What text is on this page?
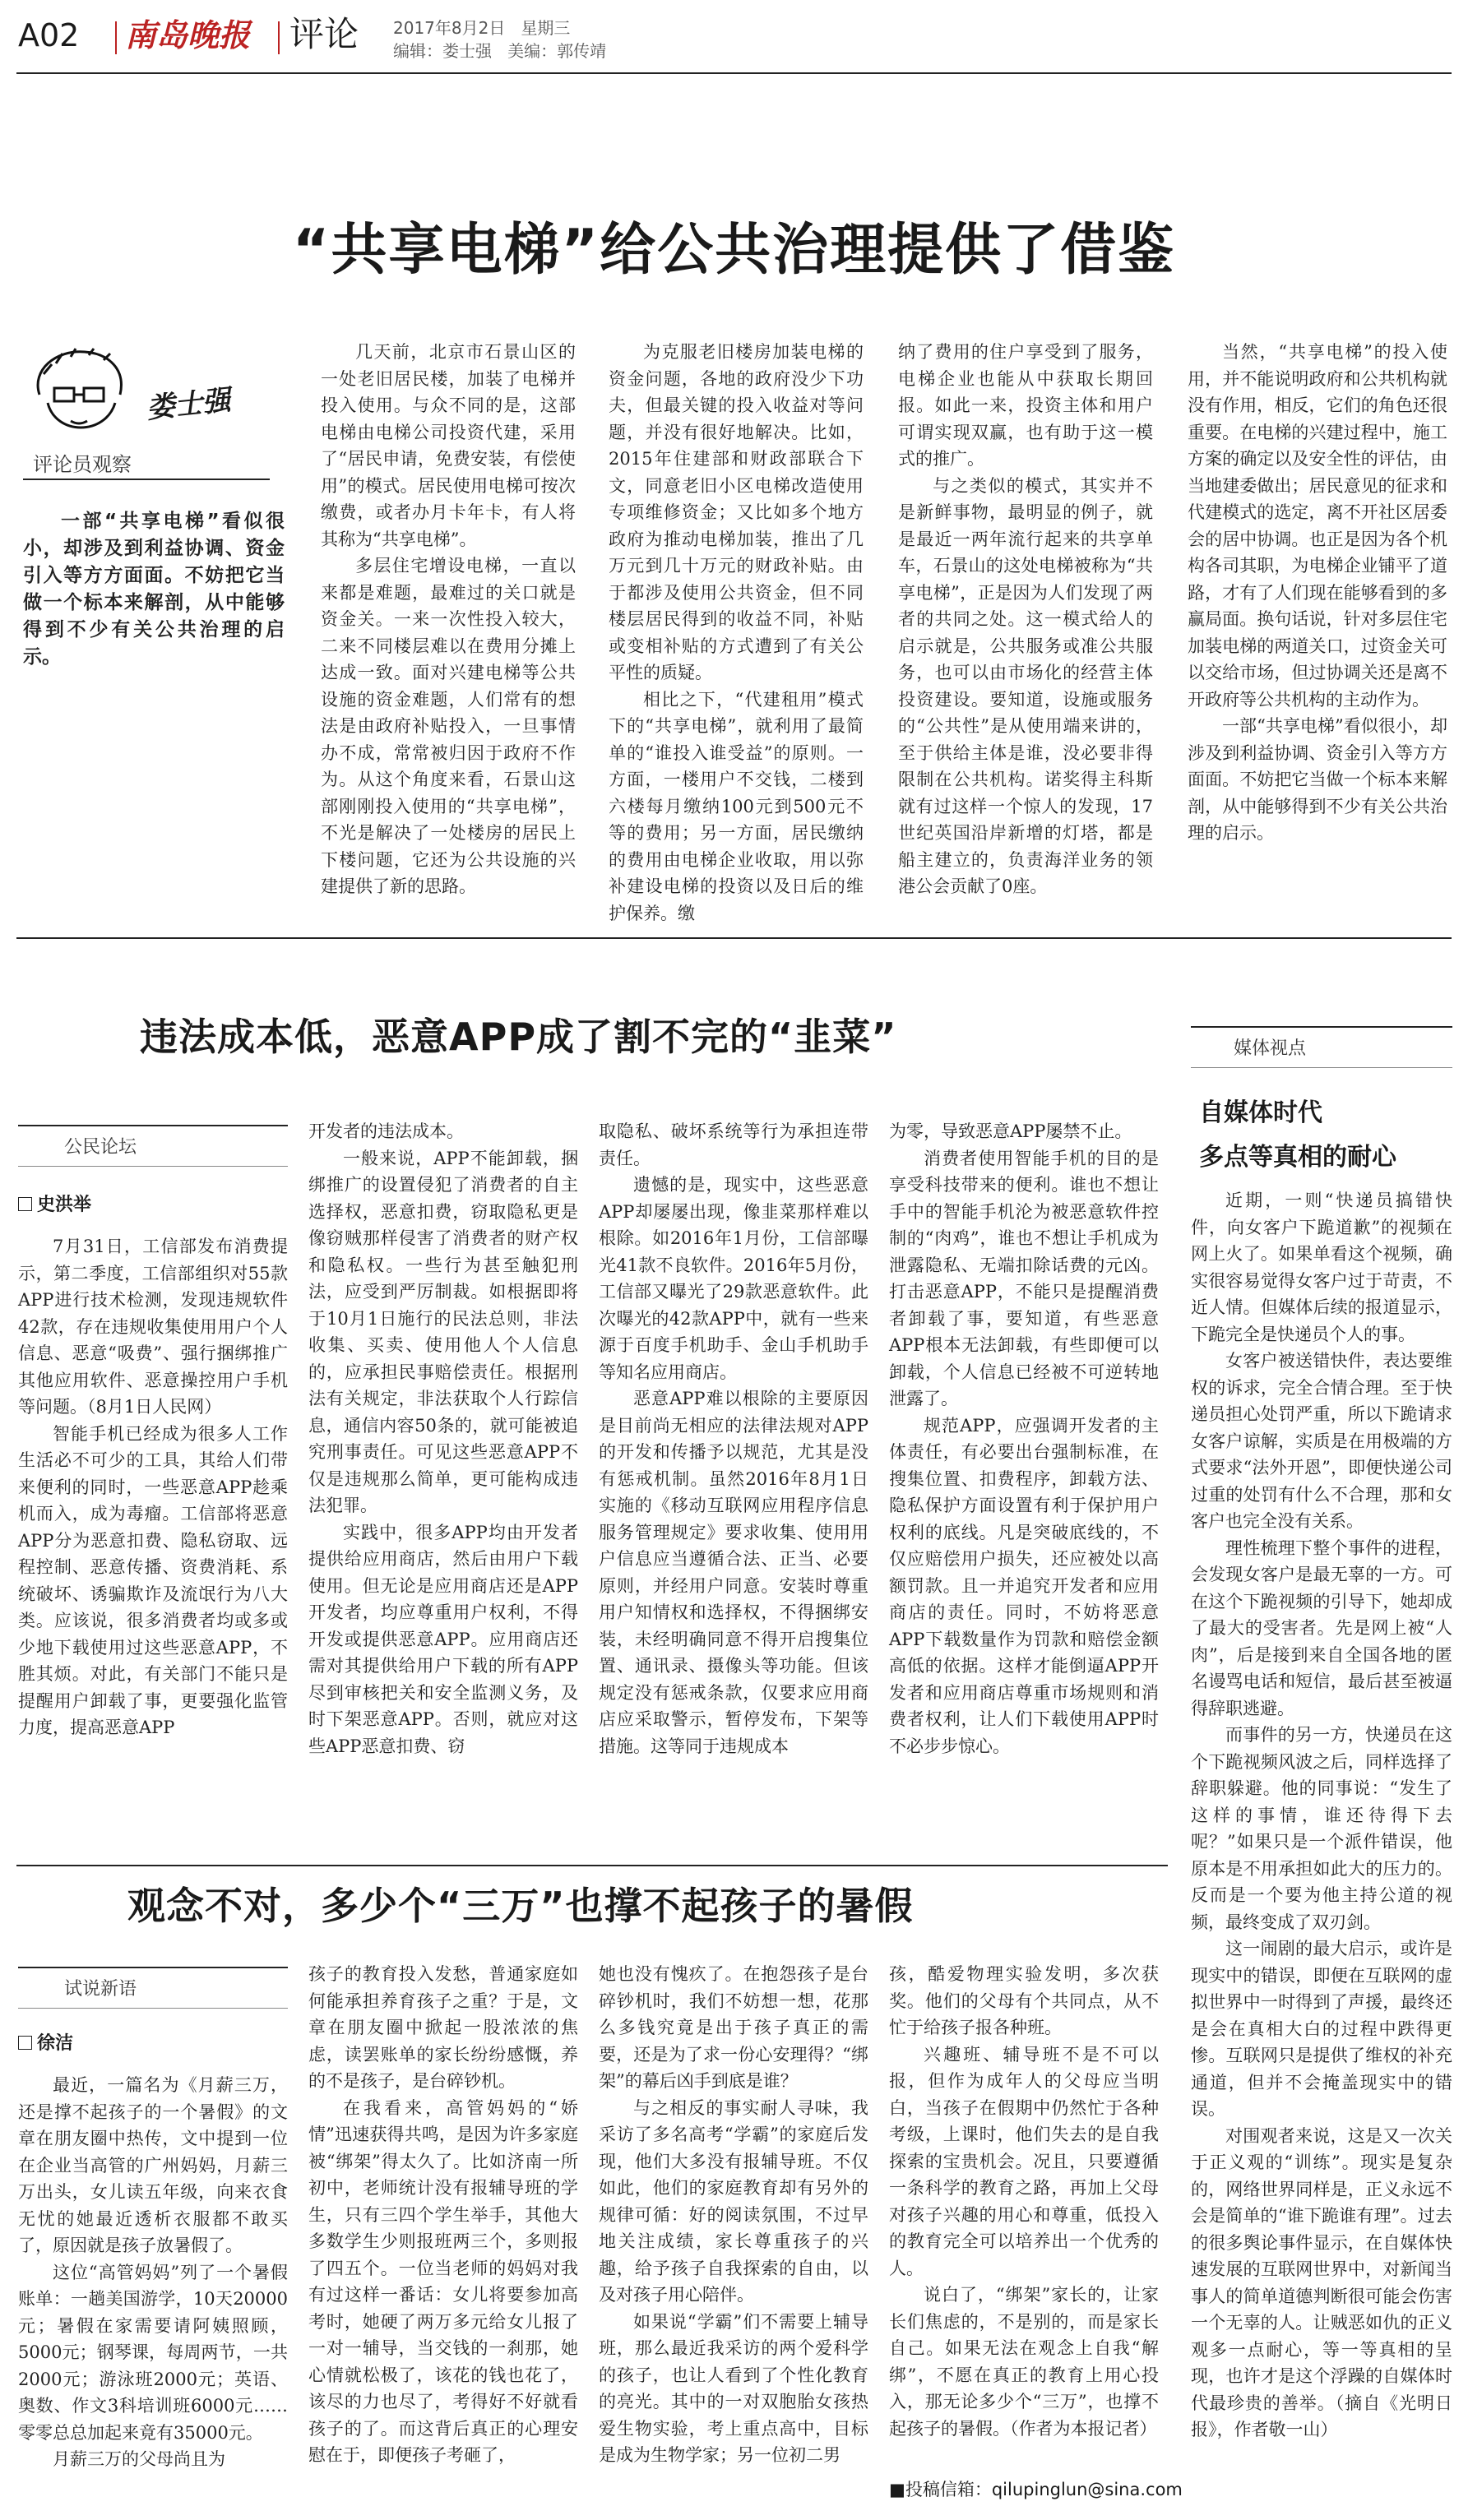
A02 南岛晚报 评论 2017年8月2日 星期三
编辑：娄士强 美编：郭传靖
“共享电梯”给公共治理提供了借鉴
娄士强
评论员观察

一部“共享电梯”看似很小，却涉及到利益协调、资金引入等方方面面。不妨把它当做一个标本来解剖，从中能够得到不少有关公共治理的启示。

几天前，北京市石景山区的一处老旧居民楼，加装了电梯并投入使用。与众不同的是，这部电梯由电梯公司投资代建，采用了“居民申请，免费安装，有偿使用”的模式。居民使用电梯可按次缴费，或者办月卡年卡，有人将其称为“共享电梯”。

多层住宅增设电梯，一直以来都是难题，最难过的关口就是资金关。一来一次性投入较大，二来不同楼层难以在费用分摊上达成一致。面对兴建电梯等公共设施的资金难题，人们常有的想法是由政府补贴投入，一旦事情办不成，常常被归因于政府不作为。从这个角度来看，石景山这部刚刚投入使用的“共享电梯”，不光是解决了一处楼房的居民上下楼问题，它还为公共设施的兴建提供了新的思路。

为克服老旧楼房加装电梯的资金问题，各地的政府没少下功夫，但最关键的投入收益对等问题，并没有很好地解决。比如，2015年住建部和财政部联合下文，同意老旧小区电梯改造使用专项维修资金；又比如多个地方政府为推动电梯加装，推出了几万元到几十万元的财政补贴。由于都涉及使用公共资金，但不同楼层居民得到的收益不同，补贴或变相补贴的方式遭到了有关公平性的质疑。

相比之下，“代建租用”模式下的“共享电梯”，就利用了最简单的“谁投入谁受益”的原则。一方面，一楼用户不交钱，二楼到六楼每月缴纳100元到500元不等的费用；另一方面，居民缴纳的费用由电梯企业收取，用以弥补建设电梯的投资以及日后的维护保养。缴

纳了费用的住户享受到了服务，电梯企业也能从中获取长期回报。如此一来，投资主体和用户可谓实现双赢，也有助于这一模式的推广。

与之类似的模式，其实并不是新鲜事物，最明显的例子，就是最近一两年流行起来的共享单车，石景山的这处电梯被称为“共享电梯”，正是因为人们发现了两者的共同之处。这一模式给人的启示就是，公共服务或准公共服务，也可以由市场化的经营主体投资建设。要知道，设施或服务的“公共性”是从使用端来讲的，至于供给主体是谁，没必要非得限制在公共机构。诺奖得主科斯就有过这样一个惊人的发现，17世纪英国沿岸新增的灯塔，都是船主建立的，负责海洋业务的领港公会贡献了0座。

当然，“共享电梯”的投入使用，并不能说明政府和公共机构就没有作用，相反，它们的角色还很重要。在电梯的兴建过程中，施工方案的确定以及安全性的评估，由当地建委做出；居民意见的征求和代建模式的选定，离不开社区居委会的居中协调。也正是因为各个机构各司其职，为电梯企业铺平了道路，才有了人们现在能够看到的多赢局面。换句话说，针对多层住宅加装电梯的两道关口，过资金关可以交给市场，但过协调关还是离不开政府等公共机构的主动作为。

一部“共享电梯”看似很小，却涉及到利益协调、资金引入等方方面面。不妨把它当做一个标本来解剖，从中能够得到不少有关公共治理的启示。

违法成本低，恶意APP成了割不完的“韭菜”
公民论坛
史洪举

7月31日，工信部发布消费提示，第二季度，工信部组织对55款APP进行技术检测，发现违规软件42款，存在违规收集使用用户个人信息、恶意“吸费”、强行捆绑推广其他应用软件、恶意操控用户手机等问题。（8月1日人民网）

智能手机已经成为很多人工作生活必不可少的工具，其给人们带来便利的同时，一些恶意APP趁乘机而入，成为毒瘤。工信部将恶意APP分为恶意扣费、隐私窃取、远程控制、恶意传播、资费消耗、系统破坏、诱骗欺诈及流氓行为八大类。应该说，很多消费者均或多或少地下载使用过这些恶意APP，不胜其烦。对此，有关部门不能只是提醒用户卸载了事，更要强化监管力度，提高恶意APP

开发者的违法成本。

一般来说，APP不能卸载，捆绑推广的设置侵犯了消费者的自主选择权，恶意扣费，窃取隐私更是像窃贼那样侵害了消费者的财产权和隐私权。一些行为甚至触犯刑法，应受到严厉制裁。如根据即将于10月1日施行的民法总则，非法收集、买卖、使用他人个人信息的，应承担民事赔偿责任。根据刑法有关规定，非法获取个人行踪信息，通信内容50条的，就可能被追究刑事责任。可见这些恶意APP不仅是违规那么简单，更可能构成违法犯罪。

实践中，很多APP均由开发者提供给应用商店，然后由用户下载使用。但无论是应用商店还是APP开发者，均应尊重用户权利，不得开发或提供恶意APP。应用商店还需对其提供给用户下载的所有APP尽到审核把关和安全监测义务，及时下架恶意APP。否则，就应对这些APP恶意扣费、窃

取隐私、破坏系统等行为承担连带责任。

遗憾的是，现实中，这些恶意APP却屡屡出现，像韭菜那样难以根除。如2016年1月份，工信部曝光41款不良软件。2016年5月份，工信部又曝光了29款恶意软件。此次曝光的42款APP中，就有一些来源于百度手机助手、金山手机助手等知名应用商店。

恶意APP难以根除的主要原因是目前尚无相应的法律法规对APP的开发和传播予以规范，尤其是没有惩戒机制。虽然2016年8月1日实施的《移动互联网应用程序信息服务管理规定》要求收集、使用用户信息应当遵循合法、正当、必要原则，并经用户同意。安装时尊重用户知情权和选择权，不得捆绑安装，未经明确同意不得开启搜集位置、通讯录、摄像头等功能。但该规定没有惩戒条款，仅要求应用商店应采取警示，暂停发布，下架等措施。这等同于违规成本

为零，导致恶意APP屡禁不止。

消费者使用智能手机的目的是享受科技带来的便利。谁也不想让手中的智能手机沦为被恶意软件控制的“肉鸡”，谁也不想让手机成为泄露隐私、无端扣除话费的元凶。打击恶意APP，不能只是提醒消费者卸载了事，要知道，有些恶意APP根本无法卸载，有些即便可以卸载，个人信息已经被不可逆转地泄露了。

规范APP，应强调开发者的主体责任，有必要出台强制标准，在搜集位置、扣费程序，卸载方法、隐私保护方面设置有利于保护用户权利的底线。凡是突破底线的，不仅应赔偿用户损失，还应被处以高额罚款。且一并追究开发者和应用商店的责任。同时，不妨将恶意APP下载数量作为罚款和赔偿金额高低的依据。这样才能倒逼APP开发者和应用商店尊重市场规则和消费者权利，让人们下载使用APP时不必步步惊心。

媒体视点
自媒体时代
多点等真相的耐心

近期，一则“快递员搞错快件，向女客户下跪道歉”的视频在网上火了。如果单看这个视频，确实很容易觉得女客户过于苛责，不近人情。但媒体后续的报道显示，下跪完全是快递员个人的事。

女客户被送错快件，表达要维权的诉求，完全合情合理。至于快递员担心处罚严重，所以下跪请求女客户谅解，实质是在用极端的方式要求“法外开恩”，即便快递公司过重的处罚有什么不合理，那和女客户也完全没有关系。

理性梳理下整个事件的进程，会发现女客户是最无辜的一方。可在这个下跪视频的引导下，她却成了最大的受害者。先是网上被“人肉”，后是接到来自全国各地的匿名谩骂电话和短信，最后甚至被逼得辞职逃避。

而事件的另一方，快递员在这个下跪视频风波之后，同样选择了辞职躲避。他的同事说：“发生了这样的事情，谁还待得下去呢？”如果只是一个派件错误，他原本是不用承担如此大的压力的。反而是一个要为他主持公道的视频，最终变成了双刃剑。

这一闹剧的最大启示，或许是现实中的错误，即便在互联网的虚拟世界中一时得到了声援，最终还是会在真相大白的过程中跌得更惨。互联网只是提供了维权的补充通道，但并不会掩盖现实中的错误。

对围观者来说，这是又一次关于正义观的“训练”。现实是复杂的，网络世界同样是，正义永远不会是简单的“谁下跪谁有理”。过去的很多舆论事件显示，在自媒体快速发展的互联网世界中，对新闻当事人的简单道德判断很可能会伤害一个无辜的人。让贼恶如仇的正义观多一点耐心，等一等真相的呈现，也许才是这个浮躁的自媒体时代最珍贵的善举。（摘自《光明日报》，作者敬一山）

观念不对，多少个“三万”也撑不起孩子的暑假
试说新语
徐洁

最近，一篇名为《月薪三万，还是撑不起孩子的一个暑假》的文章在朋友圈中热传，文中提到一位在企业当高管的广州妈妈，月薪三万出头，女儿读五年级，向来衣食无忧的她最近透析衣服都不敢买了，原因就是孩子放暑假了。

这位“高管妈妈”列了一个暑假账单：一趟美国游学，10天20000元；暑假在家需要请阿姨照顾，5000元；钢琴课，每周两节，一共2000元；游泳班2000元；英语、奥数、作文3科培训班6000元……零零总总加起来竟有35000元。

月薪三万的父母尚且为

孩子的教育投入发愁，普通家庭如何能承担养育孩子之重？于是，文章在朋友圈中掀起一股浓浓的焦虑，读罢账单的家长纷纷感慨，养的不是孩子，是台碎钞机。

在我看来，高管妈妈的“娇情”迅速获得共鸣，是因为许多家庭被“绑架”得太久了。比如济南一所初中，老师统计没有报辅导班的学生，只有三四个学生举手，其他大多数学生少则报班两三个，多则报了四五个。一位当老师的妈妈对我有过这样一番话：女儿将要参加高考时，她硬了两万多元给女儿报了一对一辅导，当交钱的一刹那，她心情就松极了，该花的钱也花了，该尽的力也尽了，考得好不好就看孩子的了。而这背后真正的心理安慰在于，即便孩子考砸了，

她也没有愧疚了。在抱怨孩子是台碎钞机时，我们不妨想一想，花那么多钱究竟是出于孩子真正的需要，还是为了求一份心安理得？“绑架”的幕后凶手到底是谁？

与之相反的事实耐人寻味，我采访了多名高考“学霸”的家庭后发现，他们大多没有报辅导班。不仅如此，他们的家庭教育却有另外的规律可循：好的阅读氛围，不过早地关注成绩，家长尊重孩子的兴趣，给予孩子自我探索的自由，以及对孩子用心陪伴。

如果说“学霸”们不需要上辅导班，那么最近我采访的两个爱科学的孩子，也让人看到了个性化教育的亮光。其中的一对双胞胎女孩热爱生物实验，考上重点高中，目标是成为生物学家；另一位初二男

孩，酷爱物理实验发明，多次获奖。他们的父母有个共同点，从不忙于给孩子报各种班。

兴趣班、辅导班不是不可以报，但作为成年人的父母应当明白，当孩子在假期中仍然忙于各种考级，上课时，他们失去的是自我探索的宝贵机会。况且，只要遵循一条科学的教育之路，再加上父母对孩子兴趣的用心和尊重，低投入的教育完全可以培养出一个优秀的人。

说白了，“绑架”家长的，让家长们焦虑的，不是别的，而是家长自己。如果无法在观念上自我“解绑”，不愿在真正的教育上用心投入，那无论多少个“三万”，也撑不起孩子的暑假。（作者为本报记者）

■投稿信箱：qilupinglun@sina.com
